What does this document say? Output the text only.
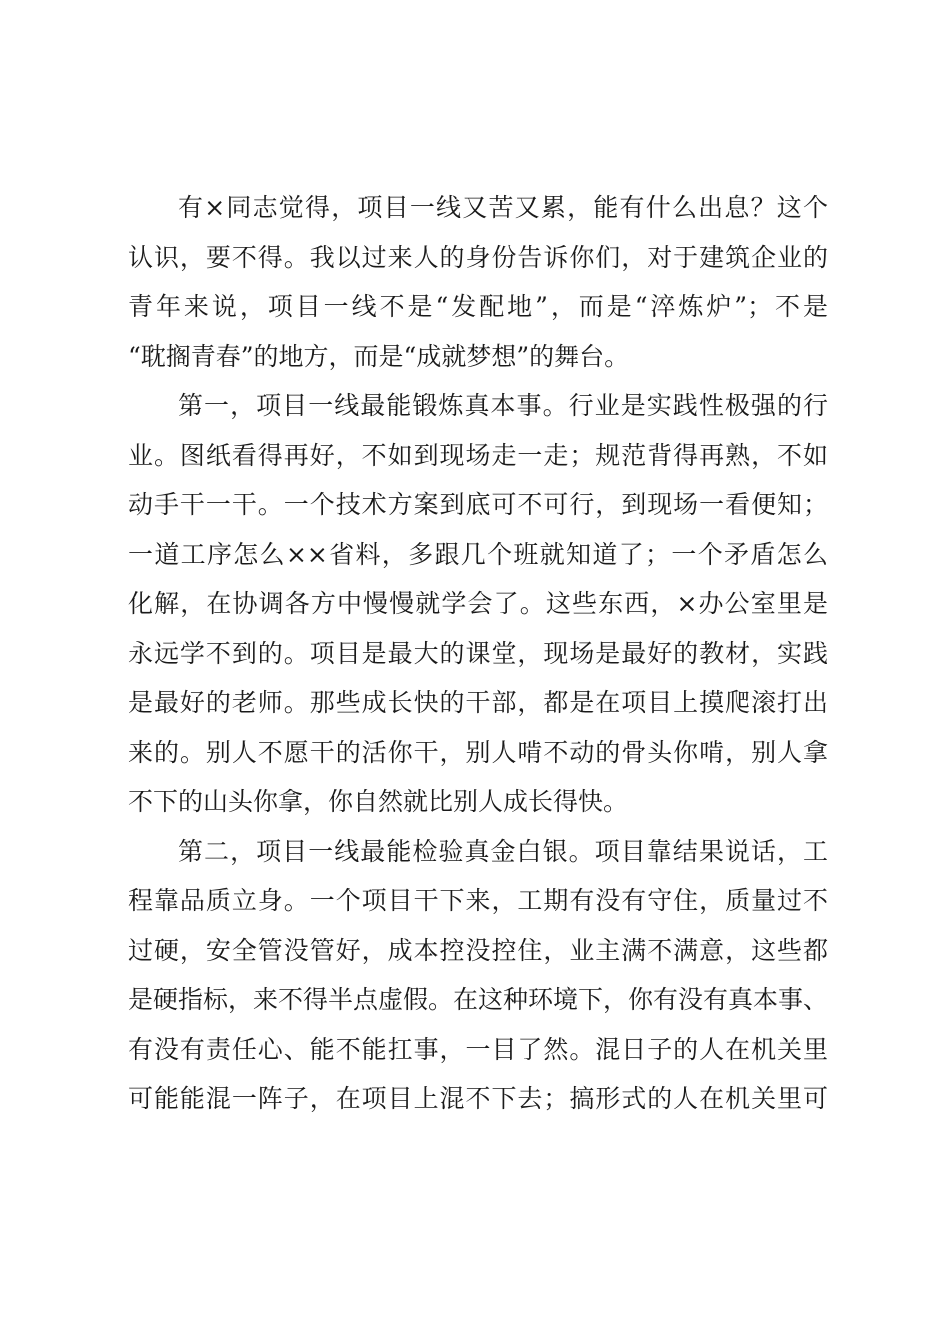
有×同志觉得，项目一线又苦又累，能有什么出息？这个
认识，要不得。我以过来人的身份告诉你们，对于建筑企业的
青年来说，项目一线不是“发配地”，而是“淬炼炉”；不是
“耽搁青春”的地方，而是“成就梦想”的舞台。
第一，项目一线最能锻炼真本事。行业是实践性极强的行
业。图纸看得再好，不如到现场走一走；规范背得再熟，不如
动手干一干。一个技术方案到底可不可行，到现场一看便知；
一道工序怎么××省料，多跟几个班就知道了；一个矛盾怎么
化解，在协调各方中慢慢就学会了。这些东西，×办公室里是
永远学不到的。项目是最大的课堂，现场是最好的教材，实践
是最好的老师。那些成长快的干部，都是在项目上摸爬滚打出
来的。别人不愿干的活你干，别人啃不动的骨头你啃，别人拿
不下的山头你拿，你自然就比别人成长得快。
第二，项目一线最能检验真金白银。项目靠结果说话，工
程靠品质立身。一个项目干下来，工期有没有守住，质量过不
过硬，安全管没管好，成本控没控住，业主满不满意，这些都
是硬指标，来不得半点虚假。在这种环境下，你有没有真本事、
有没有责任心、能不能扛事，一目了然。混日子的人在机关里
可能能混一阵子，在项目上混不下去；搞形式的人在机关里可
